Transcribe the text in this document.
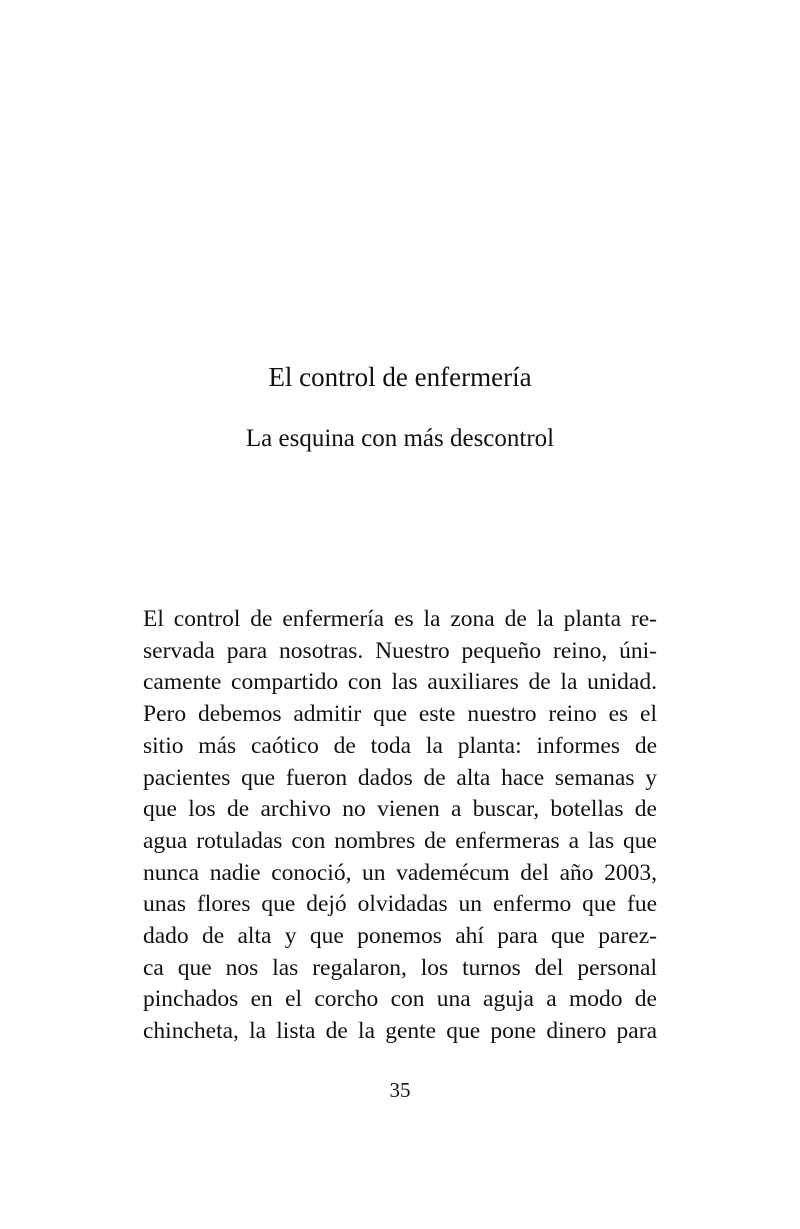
El control de enfermería
La esquina con más descontrol

El control de enfermería es la zona de la planta re-
servada para nosotras. Nuestro pequeño reino, úni-
camente compartido con las auxiliares de la unidad.
Pero debemos admitir que este nuestro reino es el
sitio más caótico de toda la planta: informes de
pacientes que fueron dados de alta hace semanas y
que los de archivo no vienen a buscar, botellas de
agua rotuladas con nombres de enfermeras a las que
nunca nadie conoció, un vademécum del año 2003,
unas flores que dejó olvidadas un enfermo que fue
dado de alta y que ponemos ahí para que parez-
ca que nos las regalaron, los turnos del personal
pinchados en el corcho con una aguja a modo de
chincheta, la lista de la gente que pone dinero para

35
